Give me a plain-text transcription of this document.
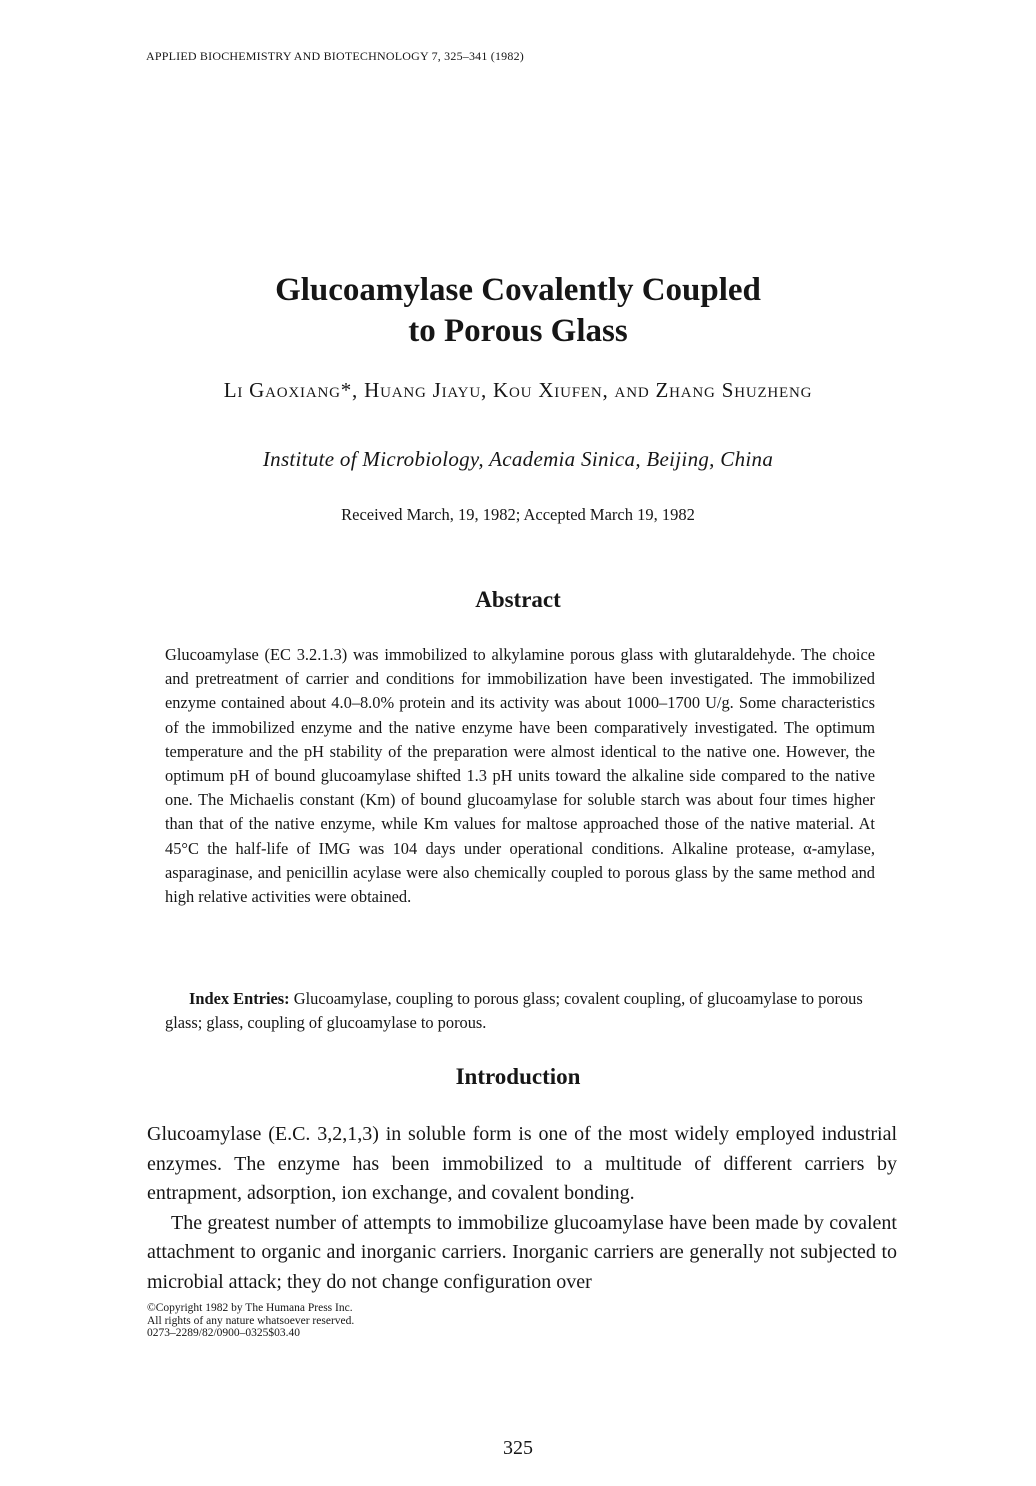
APPLIED BIOCHEMISTRY AND BIOTECHNOLOGY 7, 325–341 (1982)
Glucoamylase Covalently Coupled
to Porous Glass
Li Gaoxiang*, Huang Jiayu, Kou Xiufen, and Zhang Shuzheng
Institute of Microbiology, Academia Sinica, Beijing, China
Received March, 19, 1982; Accepted March 19, 1982
Abstract
Glucoamylase (EC 3.2.1.3) was immobilized to alkylamine porous glass with glutaraldehyde. The choice and pretreatment of carrier and conditions for immobilization have been investigated. The immobilized enzyme contained about 4.0–8.0% protein and its activity was about 1000–1700 U/g. Some characteristics of the immobilized enzyme and the native enzyme have been comparatively investigated. The optimum temperature and the pH stability of the preparation were almost identical to the native one. However, the optimum pH of bound glucoamylase shifted 1.3 pH units toward the alkaline side compared to the native one. The Michaelis constant (Km) of bound glucoamylase for soluble starch was about four times higher than that of the native enzyme, while Km values for maltose approached those of the native material. At 45°C the half-life of IMG was 104 days under operational conditions. Alkaline protease, α-amylase, asparaginase, and penicillin acylase were also chemically coupled to porous glass by the same method and high relative activities were obtained.
Index Entries: Glucoamylase, coupling to porous glass; covalent coupling, of glucoamylase to porous glass; glass, coupling of glucoamylase to porous.
Introduction

Glucoamylase (E.C. 3,2,1,3) in soluble form is one of the most widely employed industrial enzymes. The enzyme has been immobilized to a multitude of different carriers by entrapment, adsorption, ion exchange, and covalent bonding.

The greatest number of attempts to immobilize glucoamylase have been made by covalent attachment to organic and inorganic carriers. Inorganic carriers are generally not subjected to microbial attack; they do not change configuration over

©Copyright 1982 by The Humana Press Inc.
All rights of any nature whatsoever reserved.
0273–2289/82/0900–0325$03.40
325
